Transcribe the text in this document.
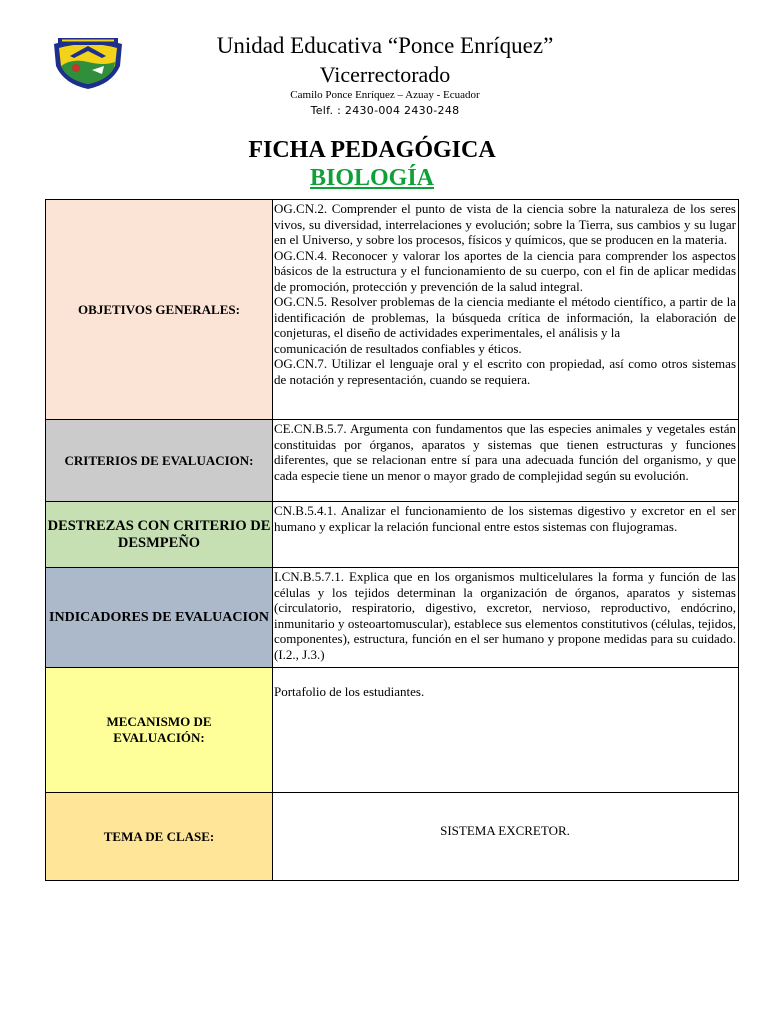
Unidad Educativa “Ponce Enríquez”
Vicerrectorado
Camilo Ponce Enríquez – Azuay - Ecuador
Telf. : 2430-004 2430-248
FICHA PEDAGÓGICA
BIOLOGÍA
OBJETIVOS GENERALES:	OG.CN.2. Comprender el punto de vista de la ciencia sobre la naturaleza de los seres vivos, su diversidad, interrelaciones y evolución; sobre la Tierra, sus cambios y su lugar en el Universo, y sobre los procesos, físicos y químicos, que se producen en la materia.
OG.CN.4. Reconocer y valorar los aportes de la ciencia para comprender los aspectos básicos de la estructura y el funcionamiento de su cuerpo, con el fin de aplicar medidas de promoción, protección y prevención de la salud integral.
OG.CN.5. Resolver problemas de la ciencia mediante el método científico, a partir de la identificación de problemas, la búsqueda crítica de información, la elaboración de conjeturas, el diseño de actividades experimentales, el análisis y la
comunicación de resultados confiables y éticos.
OG.CN.7. Utilizar el lenguaje oral y el escrito con propiedad, así como otros sistemas de notación y representación, cuando se requiera.

CRITERIOS DE EVALUACION:	CE.CN.B.5.7. Argumenta con fundamentos que las especies animales y vegetales están constituidas por órganos, aparatos y sistemas que tienen estructuras y funciones diferentes, que se relacionan entre sí para una adecuada función del organismo, y que cada especie tiene un menor o mayor grado de complejidad según su evolución.
DESTREZAS CON CRITERIO DE DESMPEÑO	CN.B.5.4.1. Analizar el funcionamiento de los sistemas digestivo y excretor en el ser humano y explicar la relación funcional entre estos sistemas con flujogramas.
INDICADORES DE EVALUACION	I.CN.B.5.7.1. Explica que en los organismos multicelulares la forma y función de las células y los tejidos determinan la organización de órganos, aparatos y sistemas (circulatorio, respiratorio, digestivo, excretor, nervioso, reproductivo, endócrino, inmunitario y osteoartomuscular), establece sus elementos constitutivos (células, tejidos, componentes), estructura, función en el ser humano y propone medidas para su cuidado. (I.2., J.3.)
MECANISMO DE EVALUACIÓN:	Portafolio de los estudiantes.
TEMA DE CLASE:	SISTEMA EXCRETOR.
